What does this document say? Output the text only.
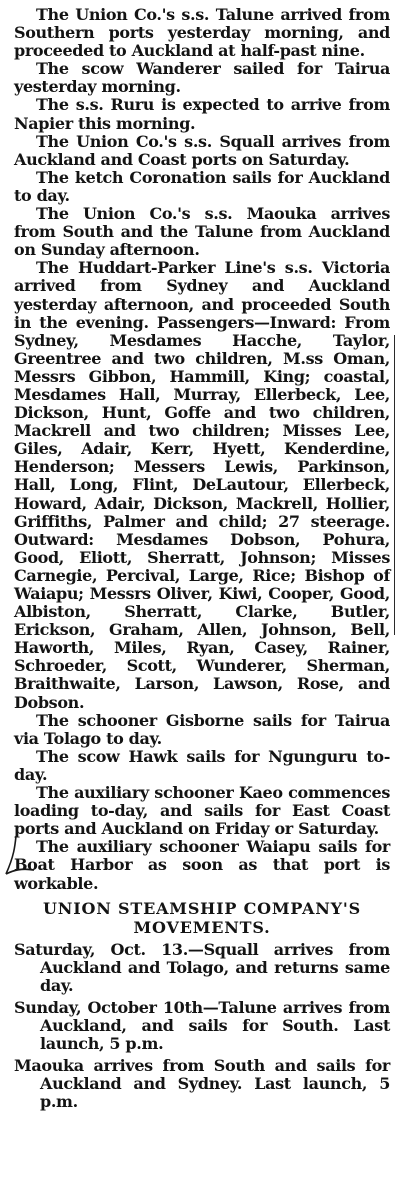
The Union Co.'s s.s. Talune arrived from Southern ports yesterday morning, and proceeded to Auckland at half-past nine.

The scow Wanderer sailed for Tairua yesterday morning.

The s.s. Ruru is expected to arrive from Napier this morning.

The Union Co.'s s.s. Squall arrives from Auckland and Coast ports on Saturday.

The ketch Coronation sails for Auckland to day.

The Union Co.'s s.s. Maouka arrives from South and the Talune from Auckland on Sunday afternoon.

The Huddart-Parker Line's s.s. Victoria arrived from Sydney and Auckland yesterday afternoon, and proceeded South in the evening. Passengers—Inward: From Sydney, Mesdames Hacche, Taylor, Greentree and two children, M.ss Oman, Messrs Gibbon, Hammill, King; coastal, Mesdames Hall, Murray, Ellerbeck, Lee, Dickson, Hunt, Goffe and two children, Mackrell and two children; Misses Lee, Giles, Adair, Kerr, Hyett, Kenderdine, Henderson; Messers Lewis, Parkinson, Hall, Long, Flint, DeLautour, Ellerbeck, Howard, Adair, Dickson, Mackrell, Hollier, Griffiths, Palmer and child; 27 steerage. Outward: Mesdames Dobson, Pohura, Good, Eliott, Sherratt, Johnson; Misses Carnegie, Percival, Large, Rice; Bishop of Waiapu; Messrs Oliver, Kiwi, Cooper, Good, Albiston, Sherratt, Clarke, Butler, Erickson, Graham, Allen, Johnson, Bell, Haworth, Miles, Ryan, Casey, Rainer, Schroeder, Scott, Wunderer, Sherman, Braithwaite, Larson, Lawson, Rose, and Dobson.

The schooner Gisborne sails for Tairua via Tolago to day.

The scow Hawk sails for Ngunguru to-day.

The auxiliary schooner Kaeo commences loading to-day, and sails for East Coast ports and Auckland on Friday or Saturday.

The auxiliary schooner Waiapu sails for Boat Harbor as soon as that port is workable.

UNION STEAMSHIP COMPANY'S MOVEMENTS.

Saturday, Oct. 13.—Squall arrives from Auckland and Tolago, and returns same day.

Sunday, October 10th—Talune arrives from Auckland, and sails for South. Last launch, 5 p.m.

Maouka arrives from South and sails for Auckland and Sydney. Last launch, 5 p.m.
